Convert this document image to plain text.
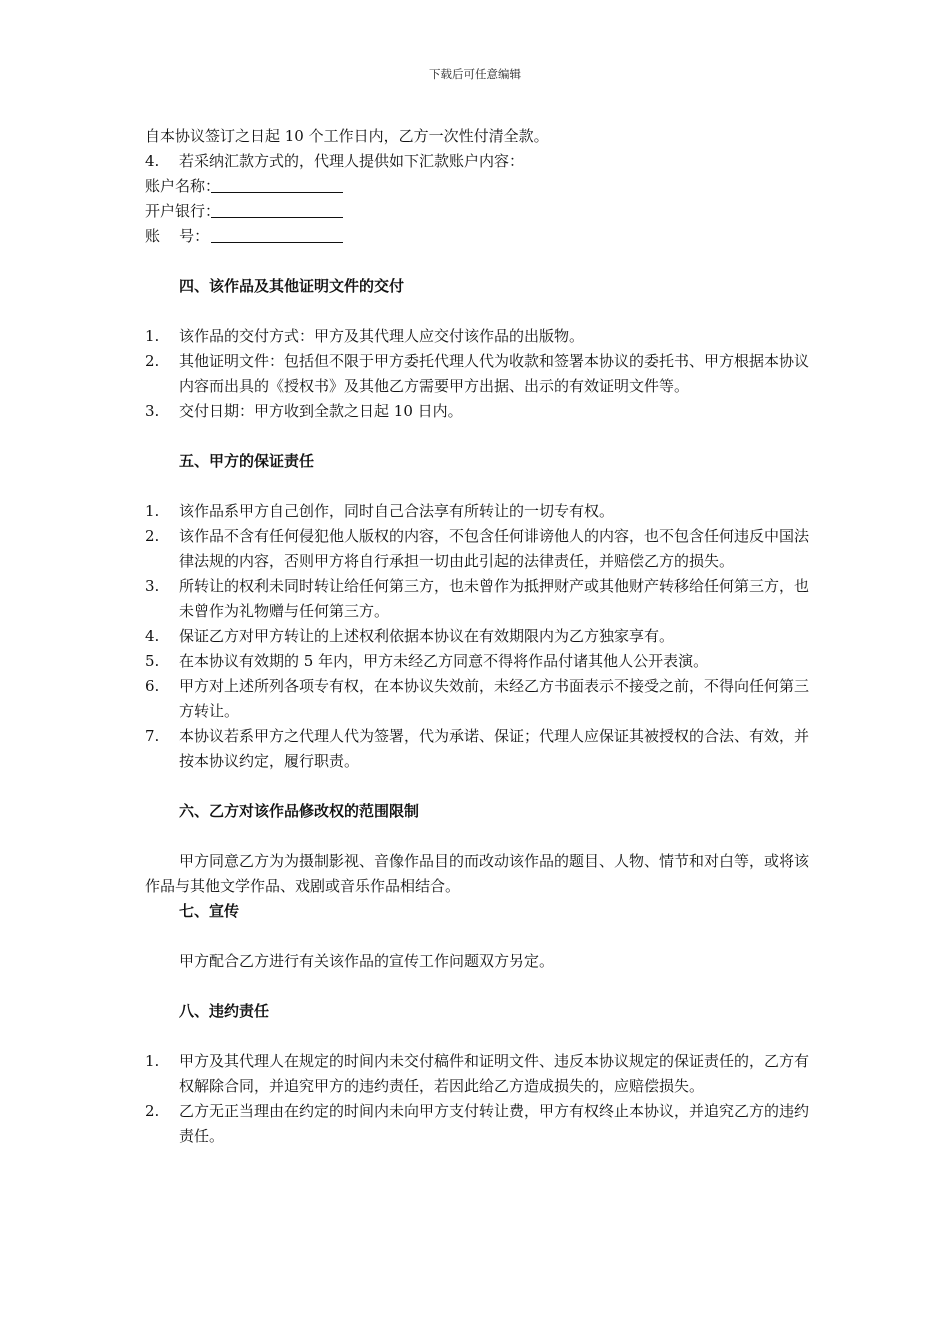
下载后可任意编辑
自本协议签订之日起 10 个工作日内，乙方一次性付清全款。
4.	若采纳汇款方式的，代理人提供如下汇款账户内容：
账户名称：
开户银行：
账    号：
四、该作品及其他证明文件的交付
1.	该作品的交付方式：甲方及其代理人应交付该作品的出版物。
2.	其他证明文件：包括但不限于甲方委托代理人代为收款和签署本协议的委托书、甲方根据本协议内容而出具的《授权书》及其他乙方需要甲方出据、出示的有效证明文件等。
3.	交付日期：甲方收到全款之日起 10 日内。
五、甲方的保证责任
1.	该作品系甲方自己创作，同时自己合法享有所转让的一切专有权。
2.	该作品不含有任何侵犯他人版权的内容，不包含任何诽谤他人的内容，也不包含任何违反中国法律法规的内容，否则甲方将自行承担一切由此引起的法律责任，并赔偿乙方的损失。
3.	所转让的权利未同时转让给任何第三方，也未曾作为抵押财产或其他财产转移给任何第三方，也未曾作为礼物赠与任何第三方。
4.	保证乙方对甲方转让的上述权利依据本协议在有效期限内为乙方独家享有。
5.	在本协议有效期的 5 年内，甲方未经乙方同意不得将作品付诸其他人公开表演。
6.	甲方对上述所列各项专有权，在本协议失效前，未经乙方书面表示不接受之前，不得向任何第三方转让。
7.	本协议若系甲方之代理人代为签署，代为承诺、保证；代理人应保证其被授权的合法、有效，并按本协议约定，履行职责。
六、乙方对该作品修改权的范围限制
甲方同意乙方为为摄制影视、音像作品目的而改动该作品的题目、人物、情节和对白等，或将该作品与其他文学作品、戏剧或音乐作品相结合。
七、宣传
甲方配合乙方进行有关该作品的宣传工作问题双方另定。
八、违约责任
1.	甲方及其代理人在规定的时间内未交付稿件和证明文件、违反本协议规定的保证责任的，乙方有权解除合同，并追究甲方的违约责任，若因此给乙方造成损失的，应赔偿损失。
2.	乙方无正当理由在约定的时间内未向甲方支付转让费，甲方有权终止本协议，并追究乙方的违约责任。
